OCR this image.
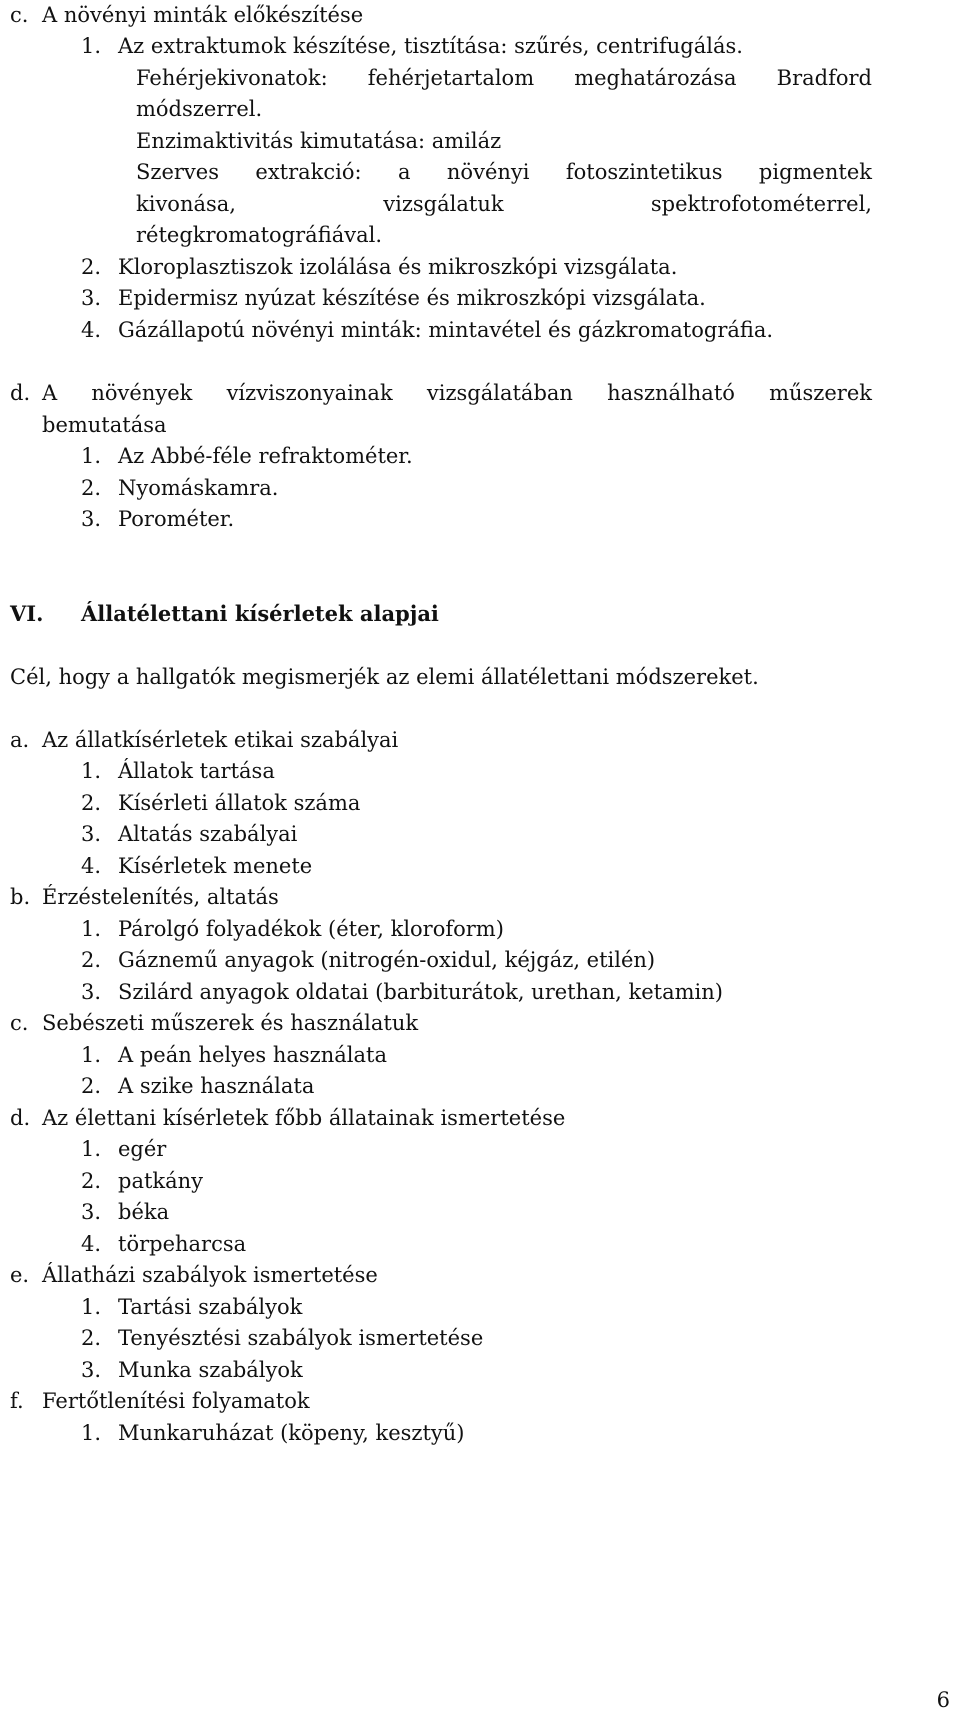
c. A növényi minták előkészítése
1. Az extraktumok készítése, tisztítása: szűrés, centrifugálás.
Fehérjekivonatok: fehérjetartalom meghatározása Bradford
módszerrel.
Enzimaktivitás kimutatása: amiláz
Szerves extrakció: a növényi fotoszintetikus pigmentek
kivonása,	vizsgálatuk	spektrofotométerrel,
rétegkromatográfiával.
2. Kloroplasztiszok izolálása és mikroszkópi vizsgálata.
3. Epidermisz nyúzat készítése és mikroszkópi vizsgálata.
4. Gázállapotú növényi minták: mintavétel és gázkromatográfia.
d. A növények vízviszonyainak vizsgálatában használható műszerek
bemutatása
1. Az Abbé-féle refraktométer.
2. Nyomáskamra.
3. Porométer.
VI. Állatélettani kísérletek alapjai
Cél, hogy a hallgatók megismerjék az elemi állatélettani módszereket.
a. Az állatkísérletek etikai szabályai
1. Állatok tartása
2. Kísérleti állatok száma
3. Altatás szabályai
4. Kísérletek menete
b. Érzéstelenítés, altatás
1. Párolgó folyadékok (éter, kloroform)
2. Gáznemű anyagok (nitrogén-oxidul, kéjgáz, etilén)
3. Szilárd anyagok oldatai (barbiturátok, urethan, ketamin)
c. Sebészeti műszerek és használatuk
1. A peán helyes használata
2. A szike használata
d. Az élettani kísérletek főbb állatainak ismertetése
1. egér
2. patkány
3. béka
4. törpeharcsa
e. Állatházi szabályok ismertetése
1. Tartási szabályok
2. Tenyésztési szabályok ismertetése
3. Munka szabályok
f. Fertőtlenítési folyamatok
1. Munkaruházat (köpeny, kesztyű)
6
